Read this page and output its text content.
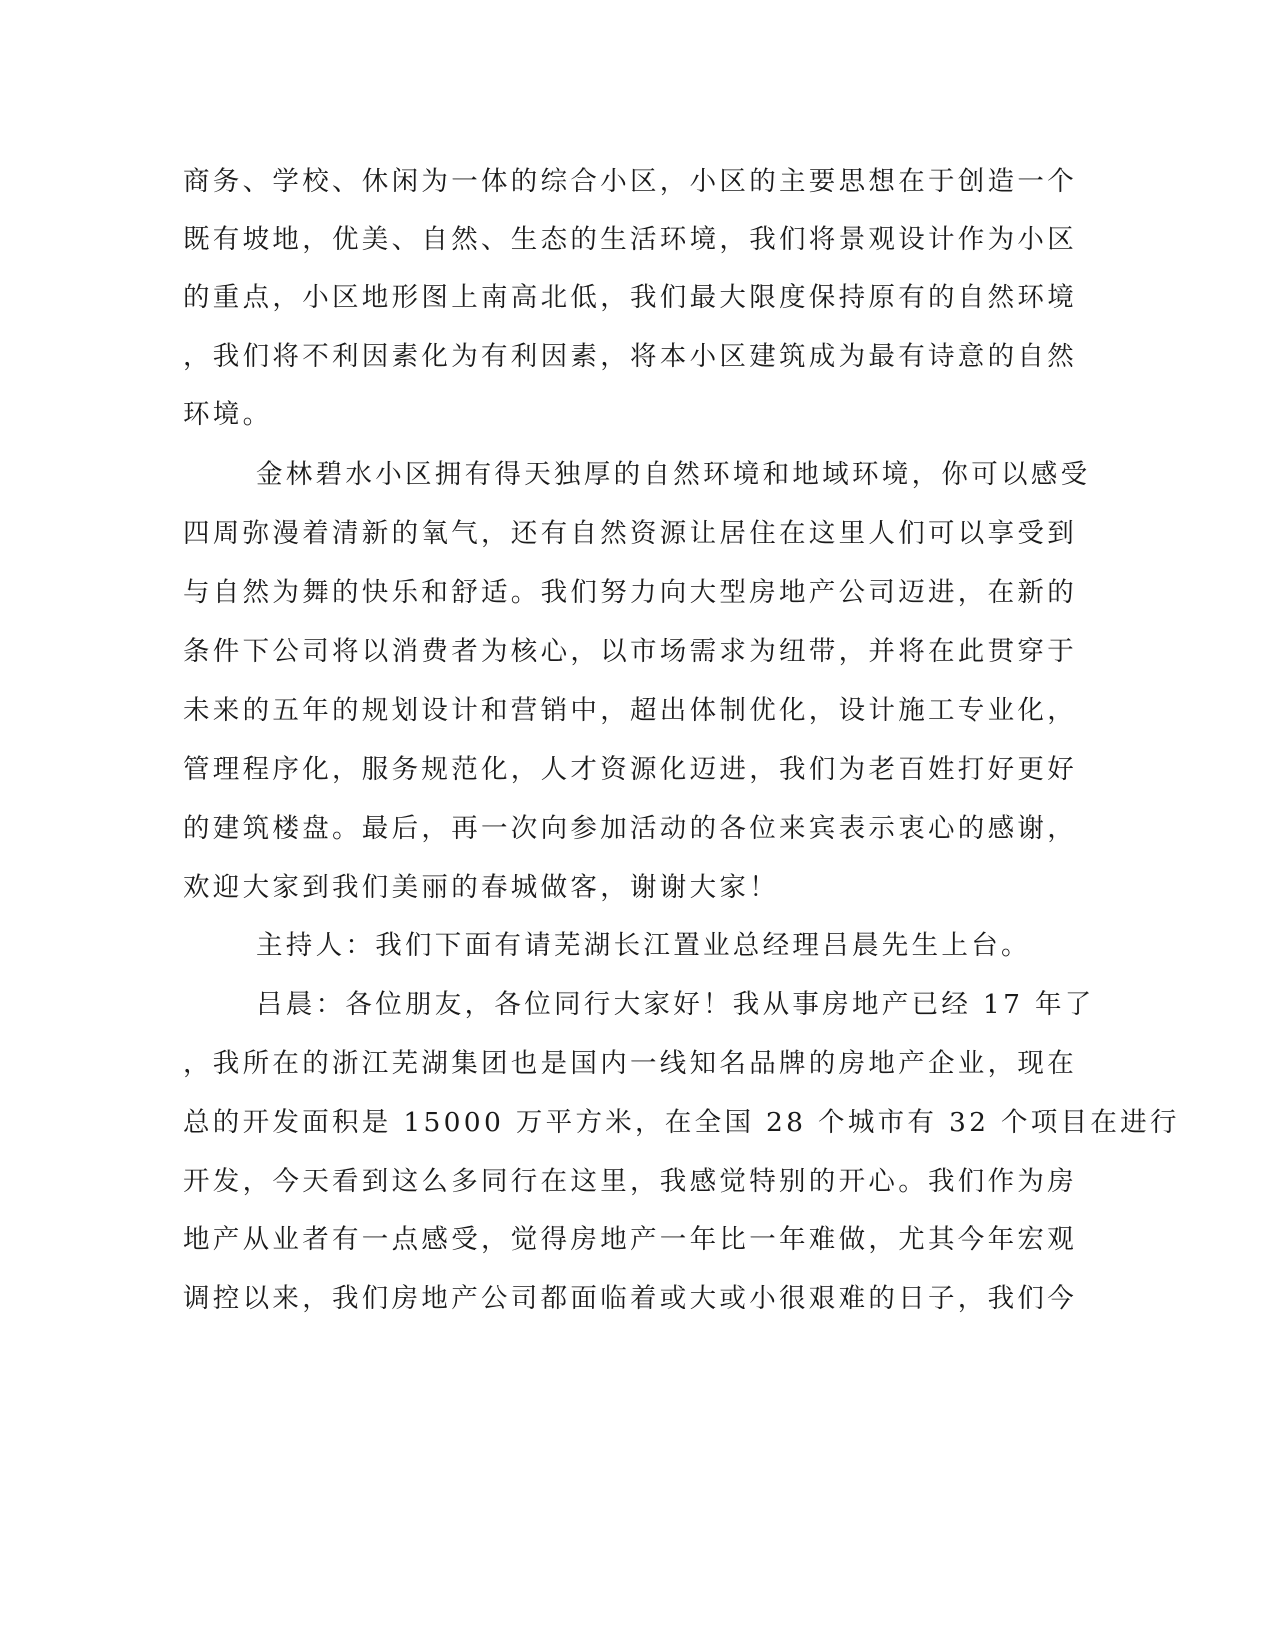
商务、学校、休闲为一体的综合小区，小区的主要思想在于创造一个
既有坡地，优美、自然、生态的生活环境，我们将景观设计作为小区
的重点，小区地形图上南高北低，我们最大限度保持原有的自然环境
，我们将不利因素化为有利因素，将本小区建筑成为最有诗意的自然
环境。
金林碧水小区拥有得天独厚的自然环境和地域环境，你可以感受
四周弥漫着清新的氧气，还有自然资源让居住在这里人们可以享受到
与自然为舞的快乐和舒适。我们努力向大型房地产公司迈进，在新的
条件下公司将以消费者为核心，以市场需求为纽带，并将在此贯穿于
未来的五年的规划设计和营销中，超出体制优化，设计施工专业化，
管理程序化，服务规范化，人才资源化迈进，我们为老百姓打好更好
的建筑楼盘。最后，再一次向参加活动的各位来宾表示衷心的感谢，
欢迎大家到我们美丽的春城做客，谢谢大家！
主持人：我们下面有请芜湖长江置业总经理吕晨先生上台。
吕晨：各位朋友，各位同行大家好！我从事房地产已经 17 年了
，我所在的浙江芜湖集团也是国内一线知名品牌的房地产企业，现在
总的开发面积是 15000 万平方米，在全国 28 个城市有 32 个项目在进行
开发，今天看到这么多同行在这里，我感觉特别的开心。我们作为房
地产从业者有一点感受，觉得房地产一年比一年难做，尤其今年宏观
调控以来，我们房地产公司都面临着或大或小很艰难的日子，我们今
